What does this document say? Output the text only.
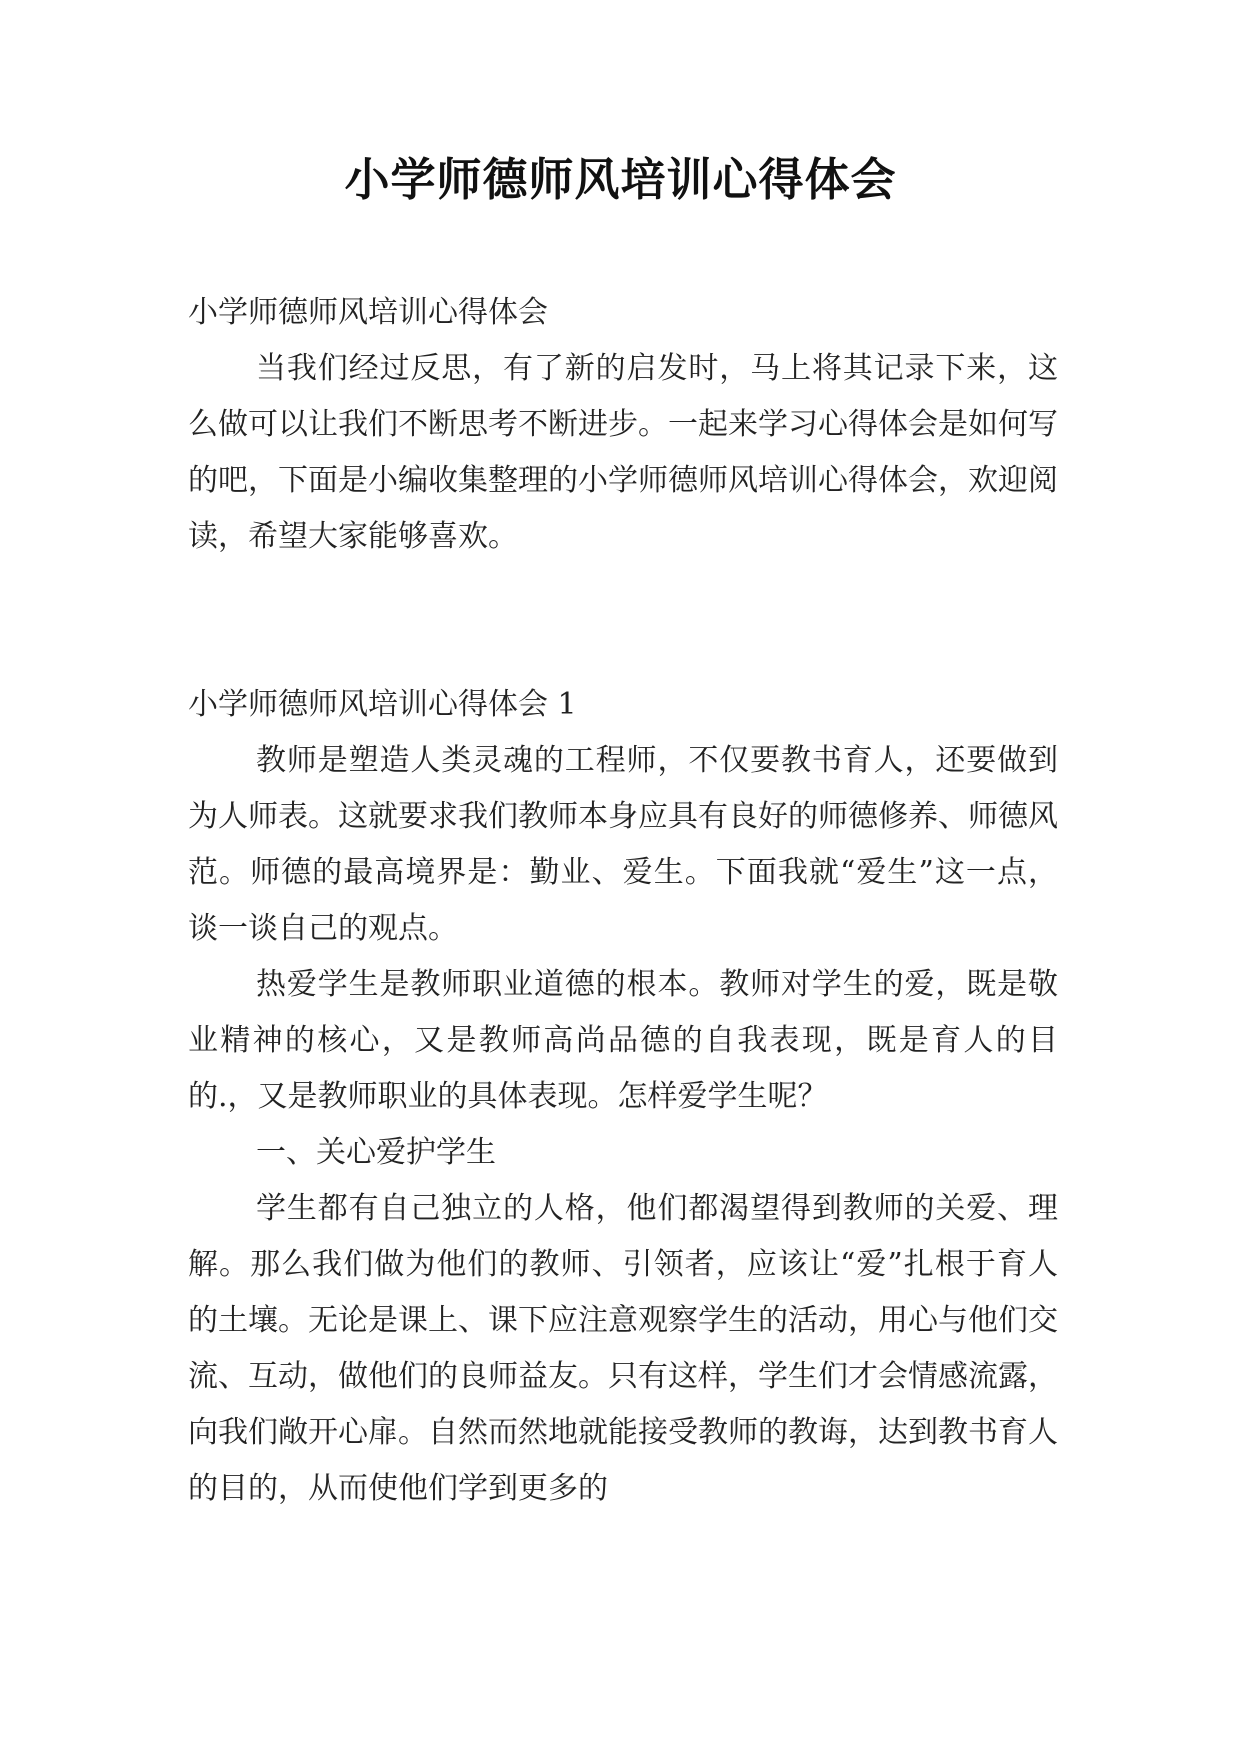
小学师德师风培训心得体会

小学师德师风培训心得体会

当我们经过反思，有了新的启发时，马上将其记录下来，这么做可以让我们不断思考不断进步。一起来学习心得体会是如何写的吧，下面是小编收集整理的小学师德师风培训心得体会，欢迎阅读，希望大家能够喜欢。

小学师德师风培训心得体会 1

教师是塑造人类灵魂的工程师，不仅要教书育人，还要做到为人师表。这就要求我们教师本身应具有良好的师德修养、师德风范。师德的最高境界是：勤业、爱生。下面我就“爱生”这一点，谈一谈自己的观点。

热爱学生是教师职业道德的根本。教师对学生的爱，既是敬业精神的核心，又是教师高尚品德的自我表现，既是育人的目的.，又是教师职业的具体表现。怎样爱学生呢？

一、关心爱护学生

学生都有自己独立的人格，他们都渴望得到教师的关爱、理解。那么我们做为他们的教师、引领者，应该让“爱”扎根于育人的土壤。无论是课上、课下应注意观察学生的活动，用心与他们交流、互动，做他们的良师益友。只有这样，学生们才会情感流露，向我们敞开心扉。自然而然地就能接受教师的教诲，达到教书育人的目的，从而使他们学到更多的
